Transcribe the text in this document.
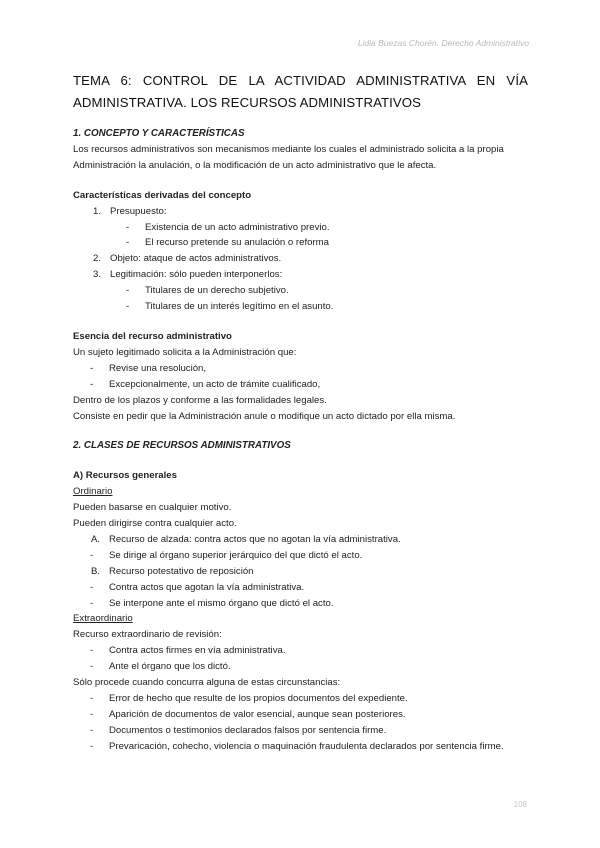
Lidia Buezas Chorén. Derecho Administrativo
TEMA 6: CONTROL DE LA ACTIVIDAD ADMINISTRATIVA EN VÍA ADMINISTRATIVA. LOS RECURSOS ADMINISTRATIVOS
1. CONCEPTO Y CARACTERÍSTICAS
Los recursos administrativos son mecanismos mediante los cuales el administrado solicita a la propia
Administración la anulación, o la modificación de un acto administrativo que le afecta.
Características derivadas del concepto
1. Presupuesto:
- Existencia de un acto administrativo previo.
- El recurso pretende su anulación o reforma
2. Objeto: ataque de actos administrativos.
3. Legitimación: sólo pueden interponerlos:
- Titulares de un derecho subjetivo.
- Titulares de un interés legítimo en el asunto.
Esencia del recurso administrativo
Un sujeto legitimado solicita a la Administración que:
- Revise una resolución,
- Excepcionalmente, un acto de trámite cualificado,
Dentro de los plazos y conforme a las formalidades legales.
Consiste en pedir que la Administración anule o modifique un acto dictado por ella misma.
2. CLASES DE RECURSOS ADMINISTRATIVOS
A) Recursos generales
Ordinario
Pueden basarse en cualquier motivo.
Pueden dirigirse contra cualquier acto.
A. Recurso de alzada: contra actos que no agotan la vía administrativa.
- Se dirige al órgano superior jerárquico del que dictó el acto.
B. Recurso potestativo de reposición
- Contra actos que agotan la vía administrativa.
- Se interpone ante el mismo órgano que dictó el acto.
Extraordinario
Recurso extraordinario de revisión:
- Contra actos firmes en vía administrativa.
- Ante el órgano que los dictó.
Sólo procede cuando concurra alguna de estas circunstancias:
- Error de hecho que resulte de los propios documentos del expediente.
- Aparición de documentos de valor esencial, aunque sean posteriores.
- Documentos o testimonios declarados falsos por sentencia firme.
- Prevaricación, cohecho, violencia o maquinación fraudulenta declarados por sentencia firme.
108
